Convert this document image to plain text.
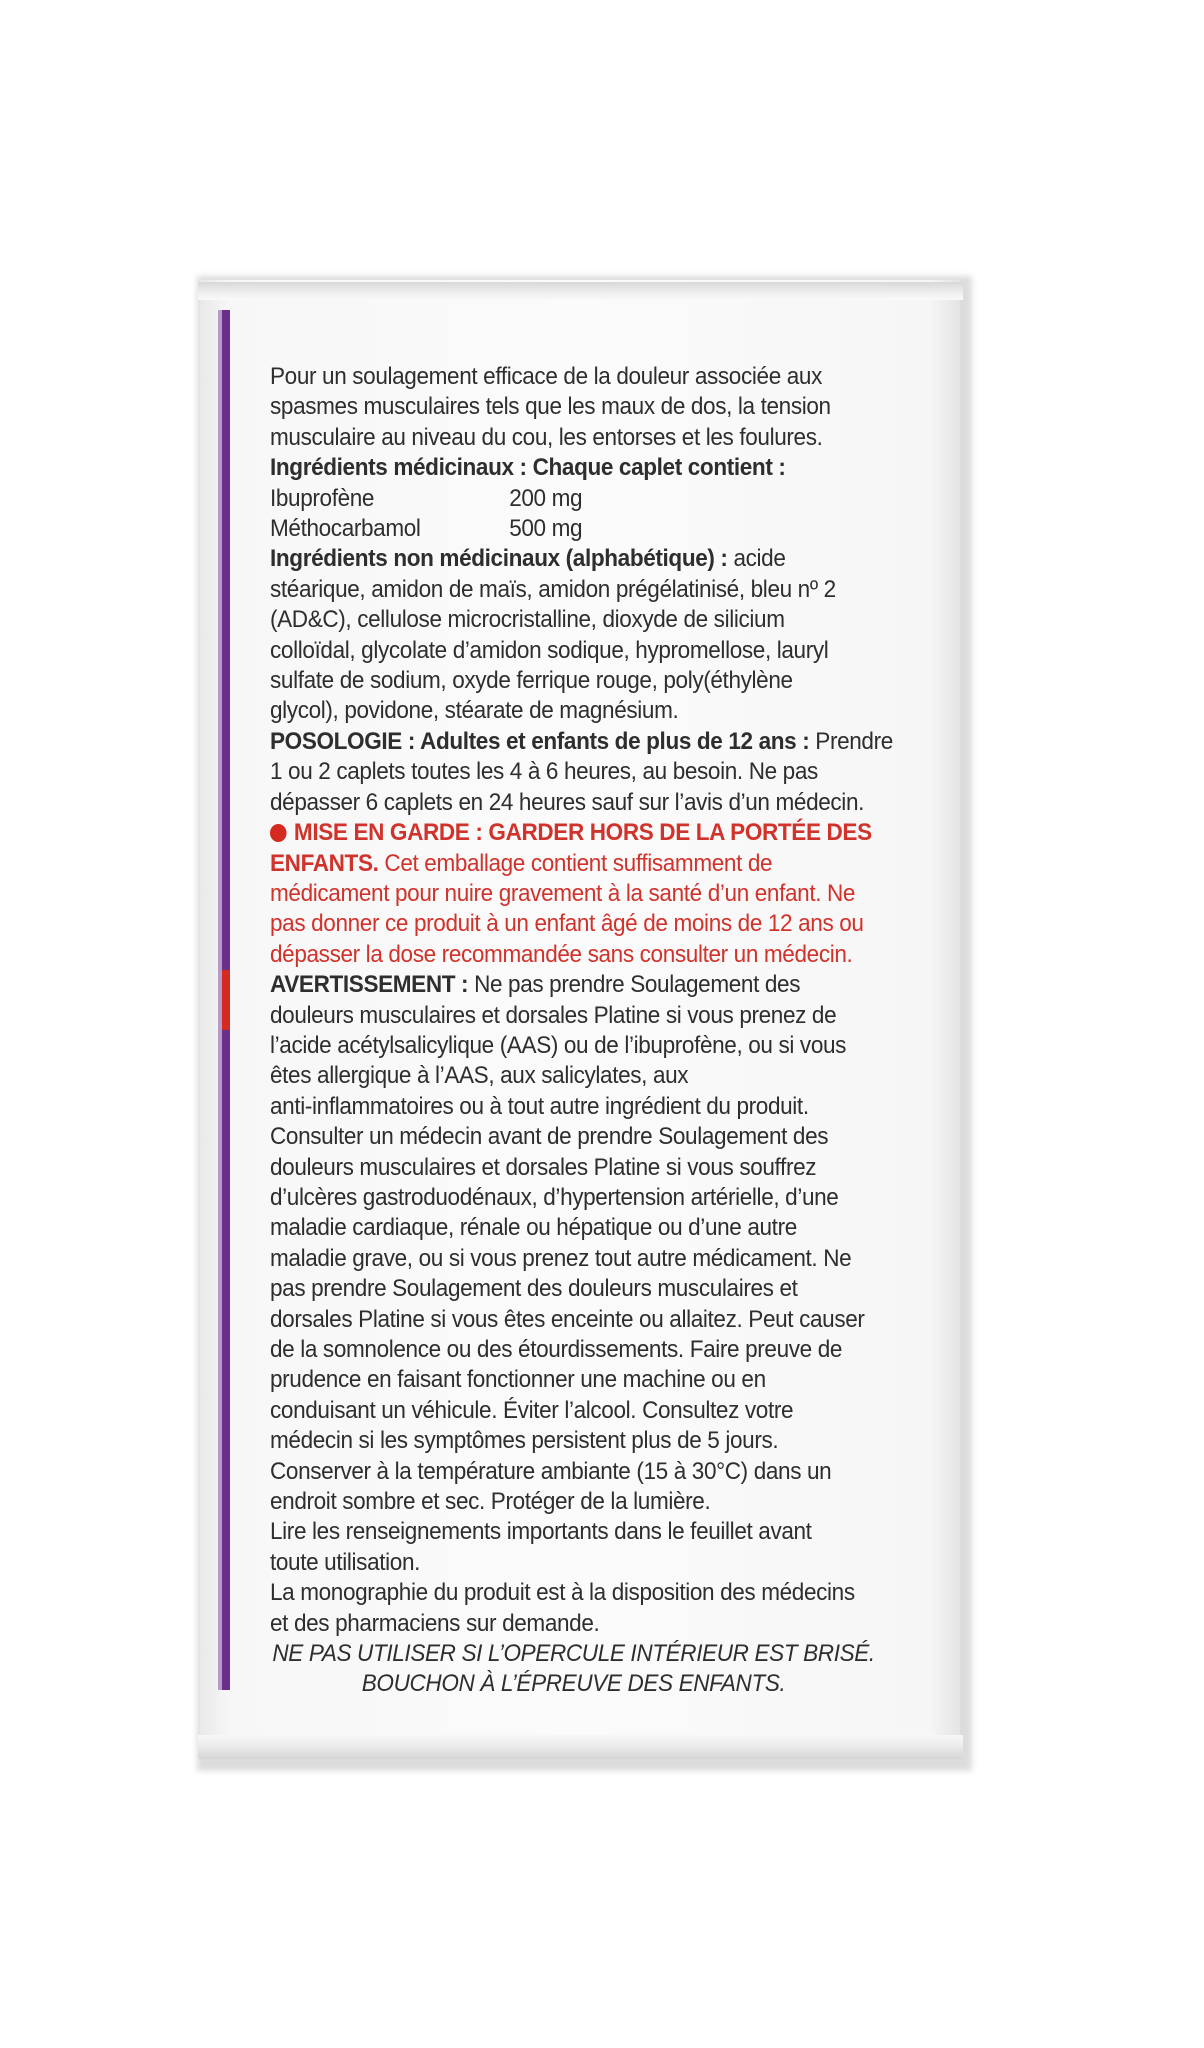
Pour un soulagement efficace de la douleur associée aux
spasmes musculaires tels que les maux de dos, la tension
musculaire au niveau du cou, les entorses et les foulures.
Ingrédients médicinaux : Chaque caplet contient :
Ibuprofène	200 mg
Méthocarbamol	500 mg
Ingrédients non médicinaux (alphabétique) : acide
stéarique, amidon de maïs, amidon prégélatinisé, bleu nº 2
(AD&C), cellulose microcristalline, dioxyde de silicium
colloïdal, glycolate d’amidon sodique, hypromellose, lauryl
sulfate de sodium, oxyde ferrique rouge, poly(éthylène
glycol), povidone, stéarate de magnésium.
POSOLOGIE : Adultes et enfants de plus de 12 ans : Prendre
1 ou 2 caplets toutes les 4 à 6 heures, au besoin. Ne pas
dépasser 6 caplets en 24 heures sauf sur l’avis d’un médecin.
MISE EN GARDE : GARDER HORS DE LA PORTÉE DES
ENFANTS. Cet emballage contient suffisamment de
médicament pour nuire gravement à la santé d’un enfant. Ne
pas donner ce produit à un enfant âgé de moins de 12 ans ou
dépasser la dose recommandée sans consulter un médecin.
AVERTISSEMENT : Ne pas prendre Soulagement des
douleurs musculaires et dorsales Platine si vous prenez de
l’acide acétylsalicylique (AAS) ou de l’ibuprofène, ou si vous
êtes allergique à l’AAS, aux salicylates, aux
anti-inflammatoires ou à tout autre ingrédient du produit.
Consulter un médecin avant de prendre Soulagement des
douleurs musculaires et dorsales Platine si vous souffrez
d’ulcères gastroduodénaux, d’hypertension artérielle, d’une
maladie cardiaque, rénale ou hépatique ou d’une autre
maladie grave, ou si vous prenez tout autre médicament. Ne
pas prendre Soulagement des douleurs musculaires et
dorsales Platine si vous êtes enceinte ou allaitez. Peut causer
de la somnolence ou des étourdissements. Faire preuve de
prudence en faisant fonctionner une machine ou en
conduisant un véhicule. Éviter l’alcool. Consultez votre
médecin si les symptômes persistent plus de 5 jours.
Conserver à la température ambiante (15 à 30°C) dans un
endroit sombre et sec. Protéger de la lumière.
Lire les renseignements importants dans le feuillet avant
toute utilisation.
La monographie du produit est à la disposition des médecins
et des pharmaciens sur demande.
NE PAS UTILISER SI L’OPERCULE INTÉRIEUR EST BRISÉ.
BOUCHON À L’ÉPREUVE DES ENFANTS.
